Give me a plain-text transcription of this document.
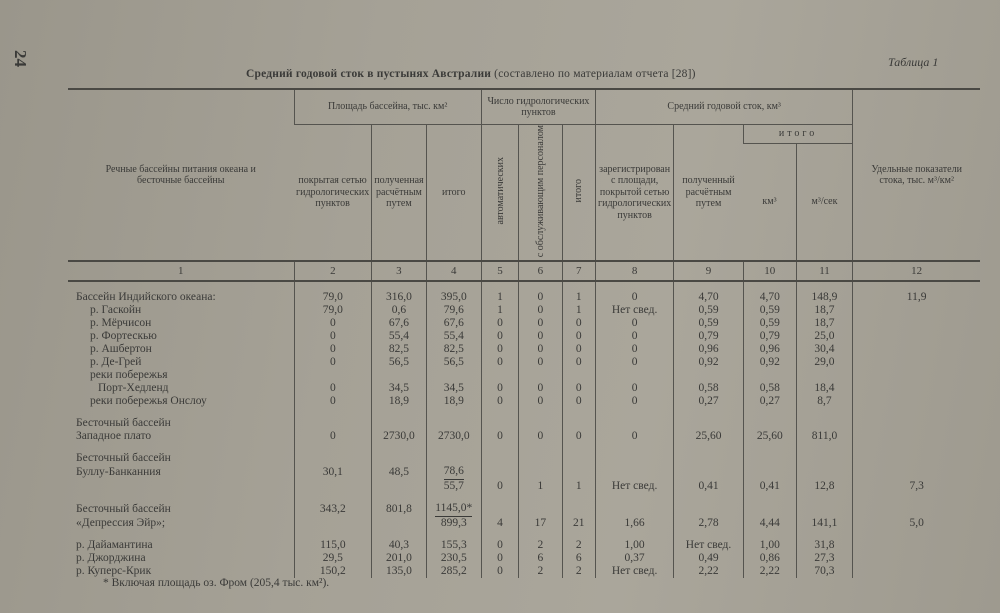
24	Таблица 1
Средний годовой сток в пустынях Австралии (составлено по материалам отчета [28])
Речные бассейны питания океана и бесточные бассейны	Площадь бассейна, тыс. км²			Число гидрологических пунктов			Средний годовой сток, км³				Удельные показатели стока, тыс. м³/км²
	покрытая сетью гидрологических пунктов	полученная расчётным путем	итого	автоматических	с обслуживающим персоналом	итого	зарегистрирован с площади, покрытой сетью гидрологических пунктов	полученный расчётным путем	итого		
									км³	м³/сек	
1	2	3	4	5	6	7	8	9	10	11	12

Бассейн Индийского океана:	79,0	316,0	395,0	1	0	1	0	4,70	4,70	148,9	11,9
р. Гаскойн	79,0	0,6	79,6	1	0	1	Нет свед.	0,59	0,59	18,7	
р. Мёрчисон	0	67,6	67,6	0	0	0	0	0,59	0,59	18,7	
р. Фортескью	0	55,4	55,4	0	0	0	0	0,79	0,79	25,0	
р. Ашбертон	0	82,5	82,5	0	0	0	0	0,96	0,96	30,4	
р. Де-Грей	0	56,5	56,5	0	0	0	0	0,92	0,92	29,0	
реки побережья											
Порт-Хедленд	0	34,5	34,5	0	0	0	0	0,58	0,58	18,4	
реки побережья Онслоу	0	18,9	18,9	0	0	0	0	0,27	0,27	8,7	

Бесточный бассейн											
Западное плато	0	2730,0	2730,0	0	0	0	0	25,60	25,60	811,0	

Бесточный бассейн											
Буллу-Банканния	30,1	48,5	78,6								
			55,7	0	1	1	Нет свед.	0,41	0,41	12,8	7,3

Бесточный бассейн	343,2	801,8	1145,0*								
«Депрессия Эйр»;			899,3	4	17	21	1,66	2,78	4,44	141,1	5,0

р. Дайамантина	115,0	40,3	155,3	0	2	2	1,00	Нет свед.	1,00	31,8	
р. Джорджина	29,5	201,0	230,5	0	6	6	0,37	0,49	0,86	27,3	
р. Куперс-Крик	150,2	135,0	285,2	0	2	2	Нет свед.	2,22	2,22	70,3	
* Включая площадь оз. Фром (205,4 тыс. км²).
